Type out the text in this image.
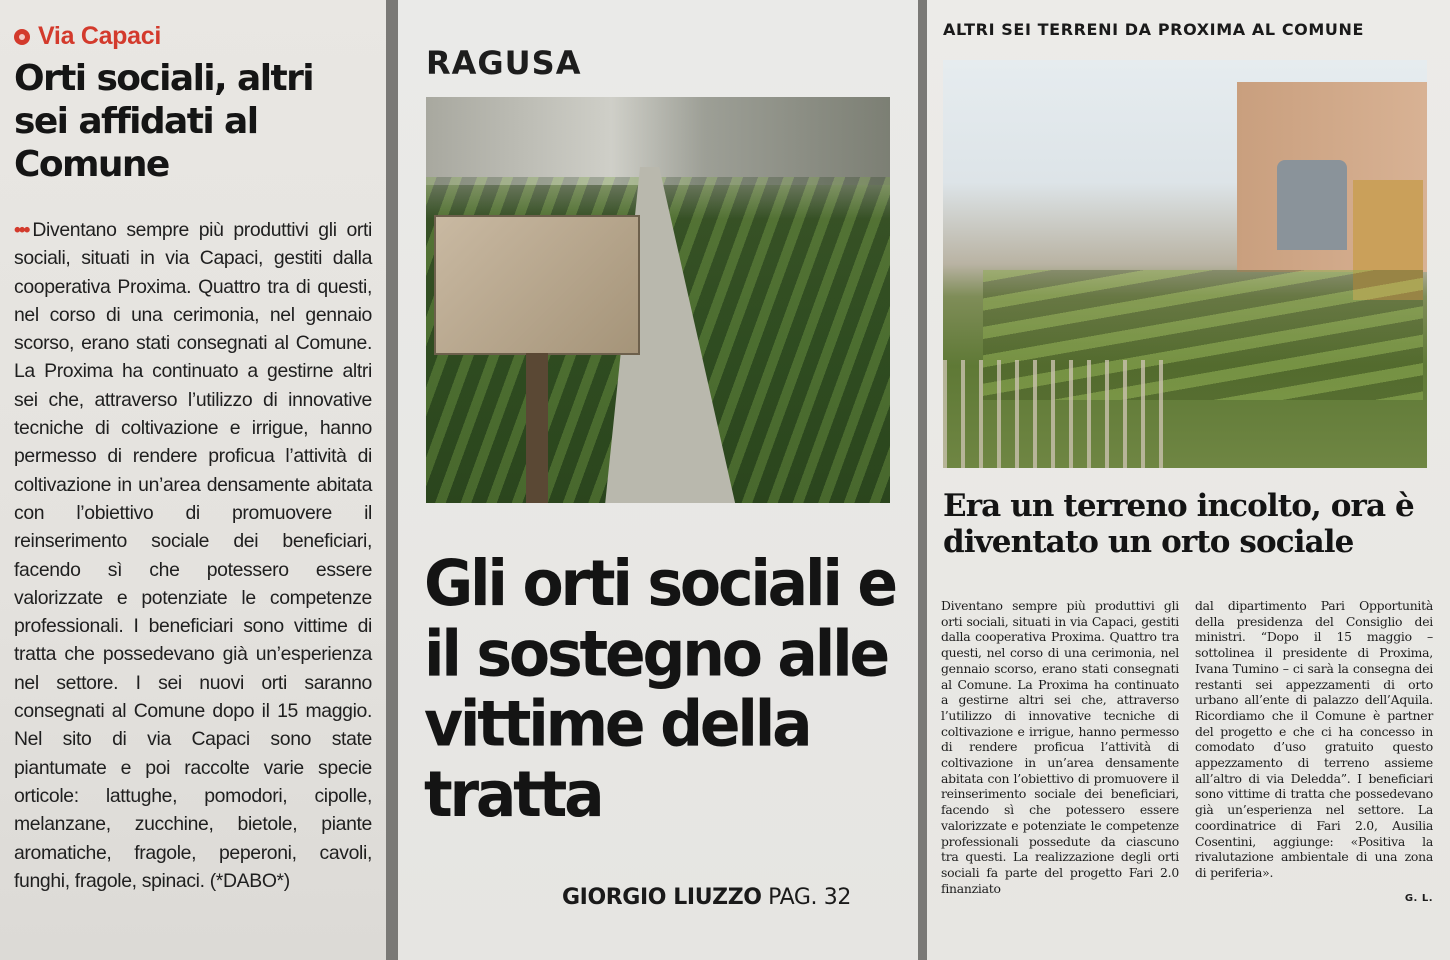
Via Capaci
Orti sociali, altri sei affidati al Comune

••• Diventano sempre più produttivi gli orti sociali, situati in via Capaci, gestiti dalla cooperativa Proxima. Quattro tra di questi, nel corso di una cerimonia, nel gennaio scorso, erano stati consegnati al Comune. La Proxima ha continuato a gestirne altri sei che, attraverso l’utilizzo di innovative tecniche di coltivazione e irrigue, hanno permesso di rendere proficua l’attività di coltivazione in un’area densamente abitata con l’obiettivo di promuovere il reinserimento sociale dei beneficiari, facendo sì che potessero essere valorizzate e potenziate le competenze professionali. I beneficiari sono vittime di tratta che possedevano già un’esperienza nel settore. I sei nuovi orti saranno consegnati al Comune dopo il 15 maggio. Nel sito di via Capaci sono state piantumate e poi raccolte varie specie orticole: lattughe, pomodori, cipolle, melanzane, zucchine, bietole, piante aromatiche, fragole, peperoni, cavoli, funghi, fragole, spinaci. (*DABO*)

RAGUSA
Gli orti sociali e il sostegno alle vittime della tratta
GIORGIO LIUZZO PAG. 32
ALTRI SEI TERRENI DA PROXIMA AL COMUNE
Era un terreno incolto, ora è diventato un orto sociale

Diventano sempre più produttivi gli orti sociali, situati in via Capaci, gestiti dalla cooperativa Proxima. Quattro tra questi, nel corso di una cerimonia, nel gennaio scorso, erano stati consegnati al Comune. La Proxima ha continuato a gestirne altri sei che, attraverso l’utilizzo di innovative tecniche di coltivazione e irrigue, hanno permesso di rendere proficua l’attività di coltivazione in un’area densamente abitata con l’obiettivo di promuovere il reinserimento sociale dei beneficiari, facendo sì che potessero essere valorizzate e potenziate le competenze professionali possedute da ciascuno tra questi. La realizzazione degli orti sociali fa parte del progetto Fari 2.0 finanziato

dal dipartimento Pari Opportunità della presidenza del Consiglio dei ministri. “Dopo il 15 maggio – sottolinea il presidente di Proxima, Ivana Tumino – ci sarà la consegna dei restanti sei appezzamenti di orto urbano all’ente di palazzo dell’Aquila. Ricordiamo che il Comune è partner del progetto e che ci ha concesso in comodato d’uso gratuito questo appezzamento di terreno assieme all’altro di via Deledda”. I beneficiari sono vittime di tratta che possedevano già un’esperienza nel settore. La coordinatrice di Fari 2.0, Ausilia Cosentini, aggiunge: «Positiva la rivalutazione ambientale di una zona di periferia».
G. L.
